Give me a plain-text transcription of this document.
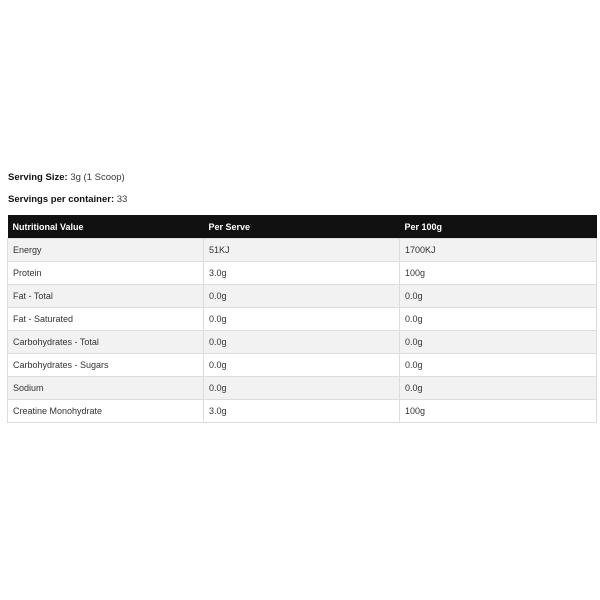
Serving Size: 3g (1 Scoop)
Servings per container: 33
Nutritional Value	Per Serve	Per 100g
Energy	51KJ	1700KJ
Protein	3.0g	100g
Fat - Total	0.0g	0.0g
Fat - Saturated	0.0g	0.0g
Carbohydrates - Total	0.0g	0.0g
Carbohydrates - Sugars	0.0g	0.0g
Sodium	0.0g	0.0g
Creatine Monohydrate	3.0g	100g
